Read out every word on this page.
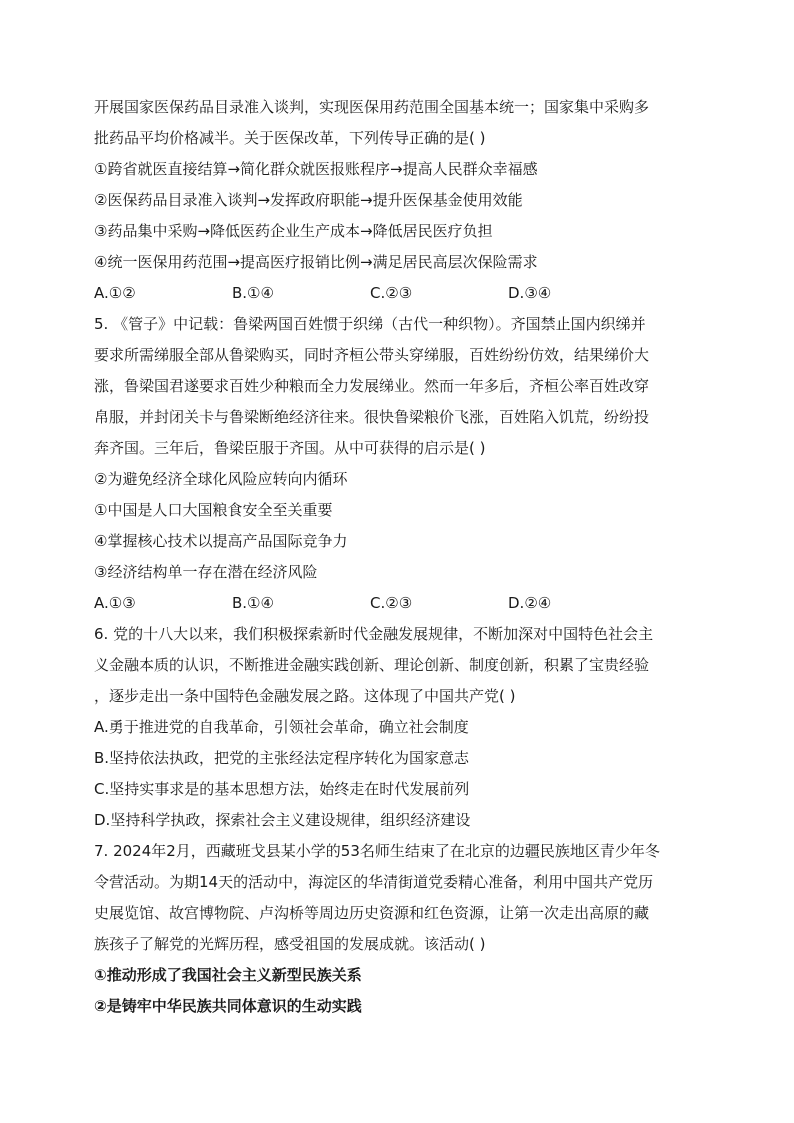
开展国家医保药品目录准入谈判，实现医保用药范围全国基本统一；国家集中采购多
批药品平均价格减半。关于医保改革，下列传导正确的是( )
①跨省就医直接结算→简化群众就医报账程序→提高人民群众幸福感
②医保药品目录准入谈判→发挥政府职能→提升医保基金使用效能
③药品集中采购→降低医药企业生产成本→降低居民医疗负担
④统一医保用药范围→提高医疗报销比例→满足居民高层次保险需求
A.①②	B.①④	C.②③	D.③④
5. 《管子》中记载：鲁梁两国百姓惯于织绨（古代一种织物）。齐国禁止国内织绨并
要求所需绨服全部从鲁梁购买，同时齐桓公带头穿绨服，百姓纷纷仿效，结果绨价大
涨，鲁梁国君遂要求百姓少种粮而全力发展绨业。然而一年多后，齐桓公率百姓改穿
帛服，并封闭关卡与鲁梁断绝经济往来。很快鲁梁粮价飞涨，百姓陷入饥荒，纷纷投
奔齐国。三年后，鲁梁臣服于齐国。从中可获得的启示是( )
②为避免经济全球化风险应转向内循环
①中国是人口大国粮食安全至关重要
④掌握核心技术以提高产品国际竞争力
③经济结构单一存在潜在经济风险
A.①③	B.①④	C.②③	D.②④
6. 党的十八大以来，我们积极探索新时代金融发展规律，不断加深对中国特色社会主
义金融本质的认识，不断推进金融实践创新、理论创新、制度创新，积累了宝贵经验
，逐步走出一条中国特色金融发展之路。这体现了中国共产党( )
A.勇于推进党的自我革命，引领社会革命，确立社会制度
B.坚持依法执政，把党的主张经法定程序转化为国家意志
C.坚持实事求是的基本思想方法，始终走在时代发展前列
D.坚持科学执政，探索社会主义建设规律，组织经济建设
7. 2024年2月，西藏班戈县某小学的53名师生结束了在北京的边疆民族地区青少年冬
令营活动。为期14天的活动中，海淀区的华清街道党委精心准备，利用中国共产党历
史展览馆、故宫博物院、卢沟桥等周边历史资源和红色资源，让第一次走出高原的藏
族孩子了解党的光辉历程，感受祖国的发展成就。该活动( )
①推动形成了我国社会主义新型民族关系
②是铸牢中华民族共同体意识的生动实践
